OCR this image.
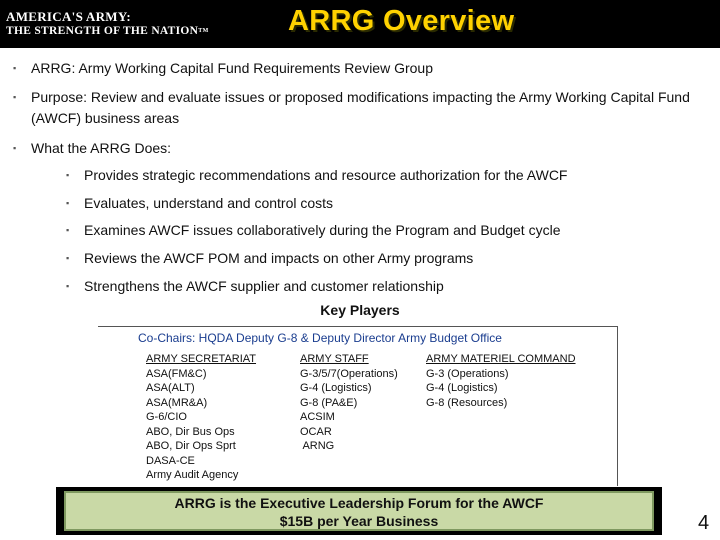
AMERICA'S ARMY:
THE STRENGTH OF THE NATION™	ARRG Overview
▪ ARRG: Army Working Capital Fund Requirements Review Group
▪ Purpose: Review and evaluate issues or proposed modifications impacting the Army Working Capital Fund (AWCF) business areas
▪ What the ARRG Does:
▪ Provides strategic recommendations and resource authorization for the AWCF
▪ Evaluates, understand and control costs
▪ Examines AWCF issues collaboratively during the Program and Budget cycle
▪ Reviews the AWCF POM and impacts on other Army programs
▪ Strengthens the AWCF supplier and customer relationship
Key Players
Co-Chairs: HQDA Deputy G-8 & Deputy Director Army Budget Office
ARMY SECRETARIAT
ASA(FM&C)
ASA(ALT)
ASA(MR&A)
G-6/CIO
ABO, Dir Bus Ops
ABO, Dir Ops Sprt
DASA-CE
Army Audit Agency
ARMY STAFF
G-3/5/7(Operations)
G-4 (Logistics)
G-8 (PA&E)
ACSIM
OCAR
ARNG
ARMY MATERIEL COMMAND
G-3 (Operations)
G-4 (Logistics)
G-8 (Resources)
ARRG is the Executive Leadership Forum for the AWCF
$15B per Year Business	4
